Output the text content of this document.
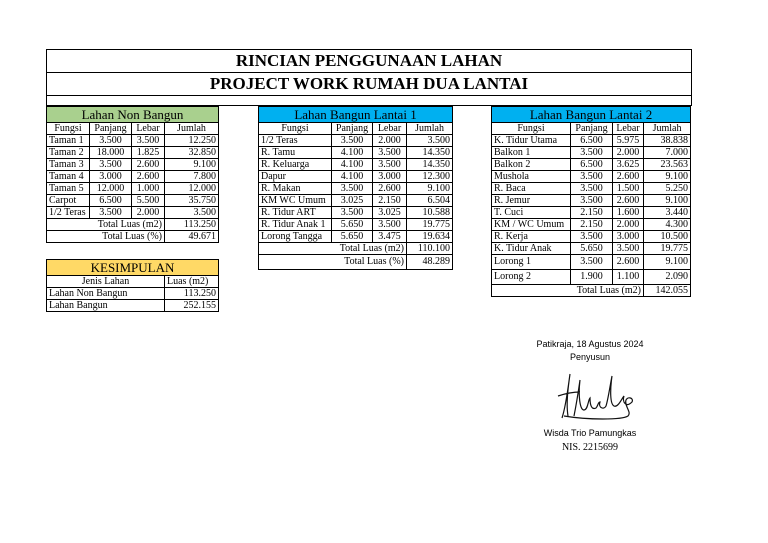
RINCIAN PENGGUNAAN LAHAN
PROJECT WORK RUMAH DUA LANTAI
Lahan Non Bangun			
Fungsi	Panjang	Lebar	Jumlah
Taman 1	3.500	3.500	12.250
Taman 2	18.000	1.825	32.850
Taman 3	3.500	2.600	9.100
Taman 4	3.000	2.600	7.800
Taman 5	12.000	1.000	12.000
Carpot	6.500	5.500	35.750
1/2 Teras	3.500	2.000	3.500
Total Luas (m2)			113.250
Total Luas (%)			49.671
KESIMPULAN	
Jenis Lahan	Luas (m2)
Lahan Non Bangun	113.250
Lahan Bangun	252.155
Lahan Bangun Lantai 1			
Fungsi	Panjang	Lebar	Jumlah
1/2 Teras	3.500	2.000	3.500
R. Tamu	4.100	3.500	14.350
R. Keluarga	4.100	3.500	14.350
Dapur	4.100	3.000	12.300
R. Makan	3.500	2.600	9.100
KM WC Umum	3.025	2.150	6.504
R. Tidur ART	3.500	3.025	10.588
R. Tidur Anak 1	5.650	3.500	19.775
Lorong Tangga	5.650	3.475	19.634
Total Luas (m2)			110.100
Total Luas (%)			48.289
Lahan Bangun Lantai 2			
Fungsi	Panjang	Lebar	Jumlah
K. Tidur Utama	6.500	5.975	38.838
Balkon 1	3.500	2.000	7.000
Balkon 2	6.500	3.625	23.563
Mushola	3.500	2.600	9.100
R. Baca	3.500	1.500	5.250
R. Jemur	3.500	2.600	9.100
T. Cuci	2.150	1.600	3.440
KM / WC Umum	2.150	2.000	4.300
R. Kerja	3.500	3.000	10.500
K. Tidur Anak	5.650	3.500	19.775
Lorong 1	3.500	2.600	9.100
Lorong 2	1.900	1.100	2.090
Total Luas (m2)			142.055
Patikraja, 18 Agustus 2024
Penyusun
Wisda Trio Pamungkas
NIS. 2215699
